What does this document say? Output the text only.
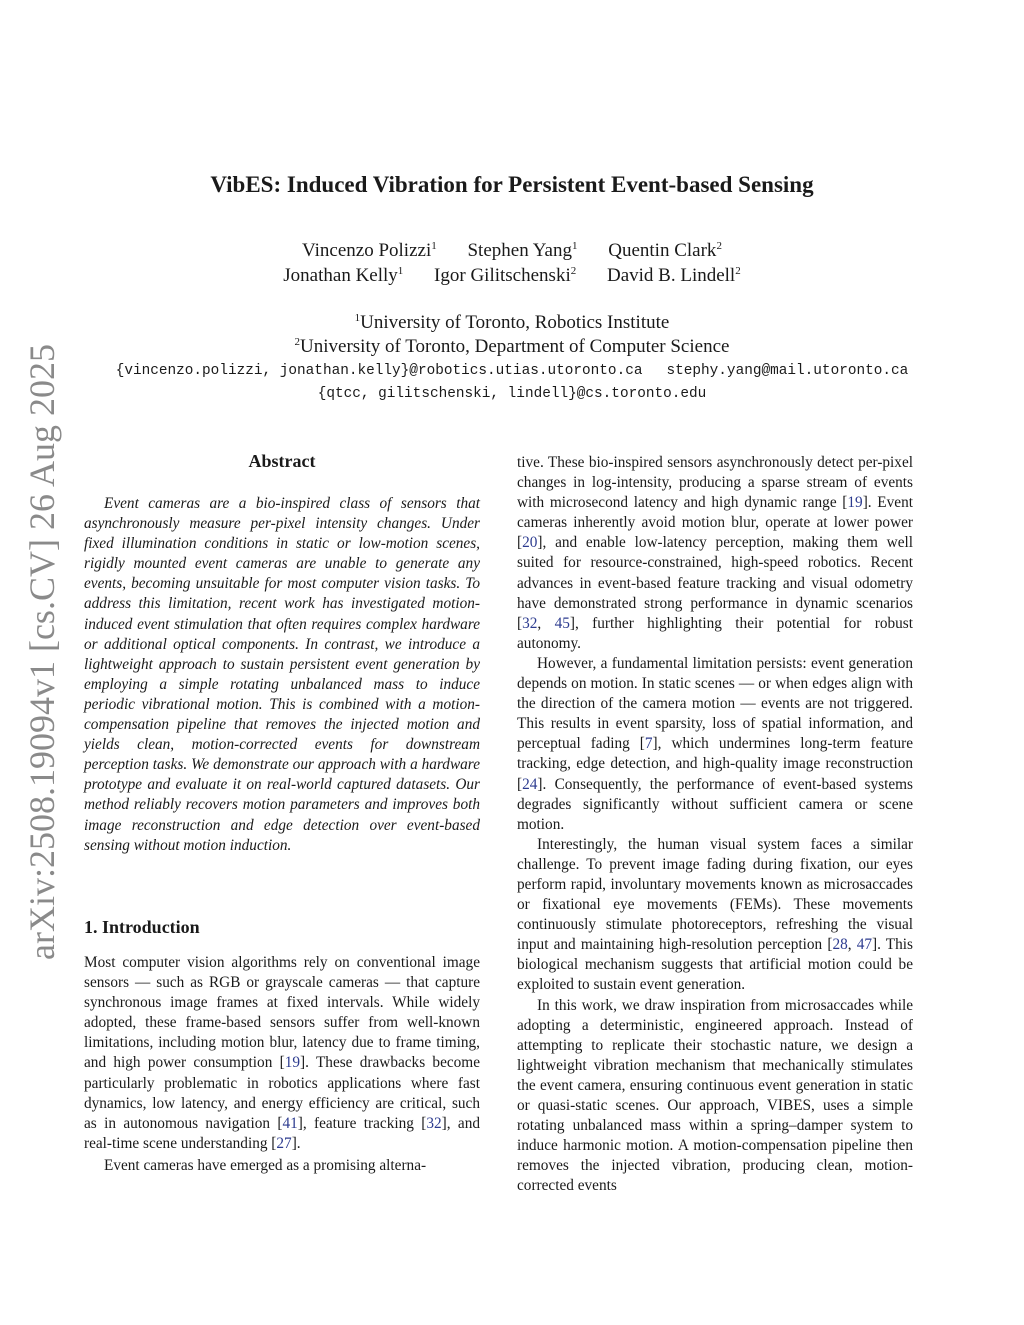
arXiv:2508.19094v1 [cs.CV] 26 Aug 2025
VibES: Induced Vibration for Persistent Event-based Sensing
Vincenzo Polizzi$^1$ Stephen Yang$^1$ Quentin Clark$^2$
Jonathan Kelly$^1$ Igor Gilitschenski$^2$ David B. Lindell$^2$
$^1$University of Toronto, Robotics Institute
$^2$University of Toronto, Department of Computer Science
{vincenzo.polizzi, jonathan.kelly}@robotics.utias.utoronto.ca stephy.yang@mail.utoronto.ca
{qtcc, gilitschenski, lindell}@cs.toronto.edu
Abstract

Event cameras are a bio-inspired class of sensors that asynchronously measure per-pixel intensity changes. Under fixed illumination conditions in static or low-motion scenes, rigidly mounted event cameras are unable to generate any events, becoming unsuitable for most computer vision tasks. To address this limitation, recent work has investigated motion-induced event stimulation that often requires complex hardware or additional optical components. In contrast, we introduce a lightweight approach to sustain persistent event generation by employing a simple rotating unbalanced mass to induce periodic vibrational motion. This is combined with a motion-compensation pipeline that removes the injected motion and yields clean, motion-corrected events for downstream perception tasks. We demonstrate our approach with a hardware prototype and evaluate it on real-world captured datasets. Our method reliably recovers motion parameters and improves both image reconstruction and edge detection over event-based sensing without motion induction.

1. Introduction

Most computer vision algorithms rely on conventional image sensors — such as RGB or grayscale cameras — that capture synchronous image frames at fixed intervals. While widely adopted, these frame-based sensors suffer from well-known limitations, including motion blur, latency due to frame timing, and high power consumption [19]. These drawbacks become particularly problematic in robotics applications where fast dynamics, low latency, and energy efficiency are critical, such as in autonomous navigation [41], feature tracking [32], and real-time scene understanding [27].

Event cameras have emerged as a promising alterna-

tive. These bio-inspired sensors asynchronously detect per-pixel changes in log-intensity, producing a sparse stream of events with microsecond latency and high dynamic range [19]. Event cameras inherently avoid motion blur, operate at lower power [20], and enable low-latency perception, making them well suited for resource-constrained, high-speed robotics. Recent advances in event-based feature tracking and visual odometry have demonstrated strong performance in dynamic scenarios [32, 45], further highlighting their potential for robust autonomy.

However, a fundamental limitation persists: event generation depends on motion. In static scenes — or when edges align with the direction of the camera motion — events are not triggered. This results in event sparsity, loss of spatial information, and perceptual fading [7], which undermines long-term feature tracking, edge detection, and high-quality image reconstruction [24]. Consequently, the performance of event-based systems degrades significantly without sufficient camera or scene motion.

Interestingly, the human visual system faces a similar challenge. To prevent image fading during fixation, our eyes perform rapid, involuntary movements known as microsaccades or fixational eye movements (FEMs). These movements continuously stimulate photoreceptors, refreshing the visual input and maintaining high-resolution perception [28, 47]. This biological mechanism suggests that artificial motion could be exploited to sustain event generation.

In this work, we draw inspiration from microsaccades while adopting a deterministic, engineered approach. Instead of attempting to replicate their stochastic nature, we design a lightweight vibration mechanism that mechanically stimulates the event camera, ensuring continuous event generation in static or quasi-static scenes. Our approach, VIBES, uses a simple rotating unbalanced mass within a spring–damper system to induce harmonic motion. A motion-compensation pipeline then removes the injected vibration, producing clean, motion-corrected events
